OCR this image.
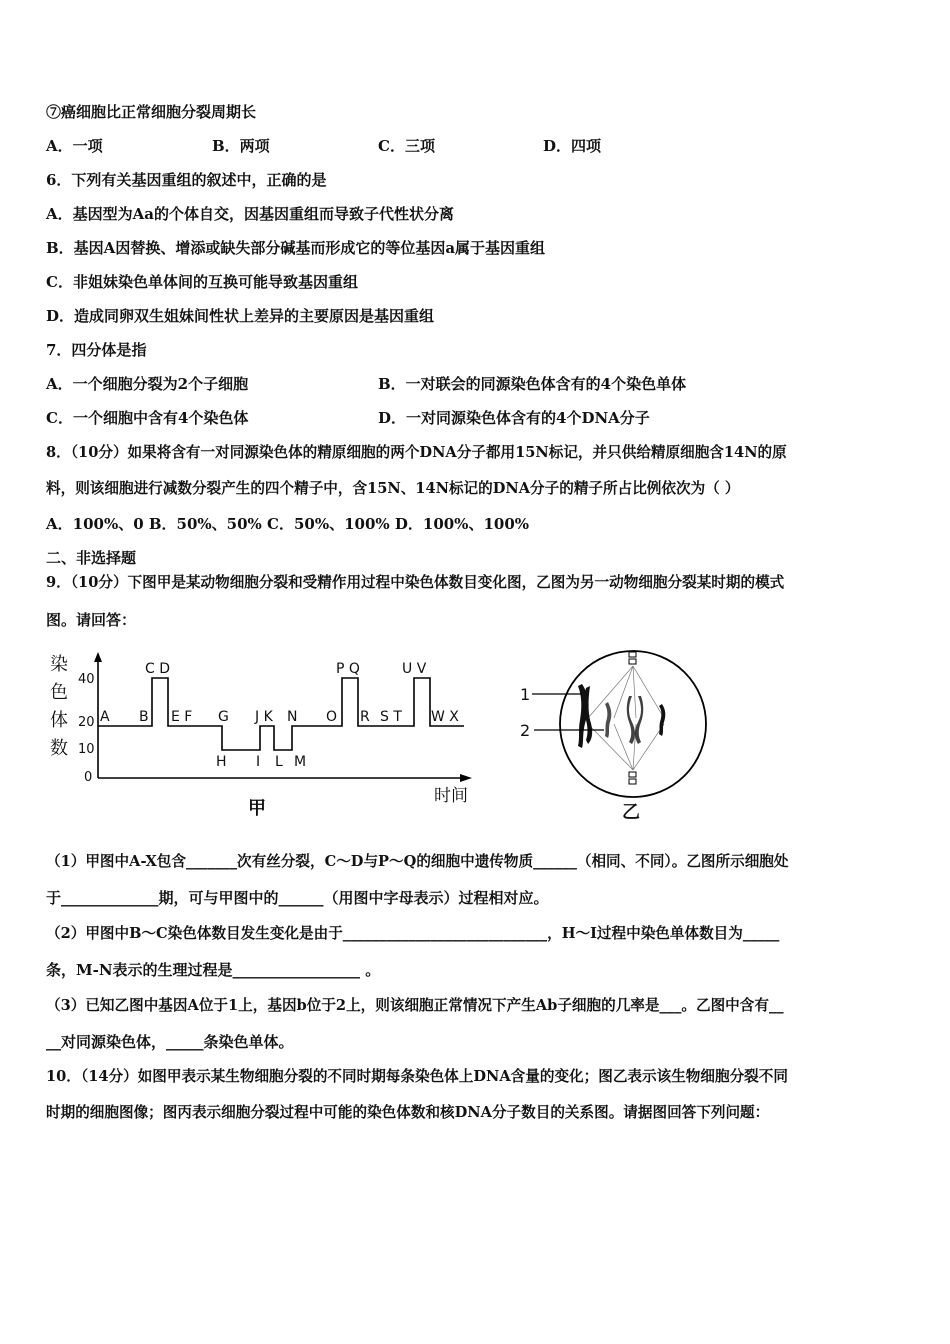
⑦癌细胞比正常细胞分裂周期长
A．一项	B．两项	C．三项	D．四项
6．下列有关基因重组的叙述中，正确的是
A．基因型为Aa的个体自交，因基因重组而导致子代性状分离
B．基因A因替换、增添或缺失部分碱基而形成它的等位基因a属于基因重组
C．非姐妹染色单体间的互换可能导致基因重组
D．造成同卵双生姐妹间性状上差异的主要原因是基因重组
7．四分体是指
A．一个细胞分裂为2个子细胞	B．一对联会的同源染色体含有的4个染色单体
C．一个细胞中含有4个染色体	D．一对同源染色体含有的4个DNA分子
8．（10分）如果将含有一对同源染色体的精原细胞的两个DNA分子都用15N标记，并只供给精原细胞含14N的原
料，则该细胞进行减数分裂产生的四个精子中，含15N、14N标记的DNA分子的精子所占比例依次为（ ）
A．100%、0 B．50%、50% C．50%、100% D．100%、100%
二、非选择题
9．（10分）下图甲是某动物细胞分裂和受精作用过程中染色体数目变化图，乙图为另一动物细胞分裂某时期的模式
图。请回答：
染
色
体
数
40
20
10
0
C D	P Q	U V
A B E F G J K N O R S T W X
H I L M
时间
甲
1
2
乙
（1）甲图中A-X包含_______次有丝分裂，C～D与P～Q的细胞中遗传物质______（相同、不同）。乙图所示细胞处
于_____________期，可与甲图中的______（用图中字母表示）过程相对应。
（2）甲图中B～C染色体数目发生变化是由于____________________________，H～I过程中染色单体数目为_____
条，M-N表示的生理过程是_________________ 。
（3）已知乙图中基因A位于1上，基因b位于2上，则该细胞正常情况下产生Ab子细胞的几率是___。乙图中含有__
__对同源染色体，_____条染色单体。
10．（14分）如图甲表示某生物细胞分裂的不同时期每条染色体上DNA含量的变化；图乙表示该生物细胞分裂不同
时期的细胞图像；图丙表示细胞分裂过程中可能的染色体数和核DNA分子数目的关系图。请据图回答下列问题：
